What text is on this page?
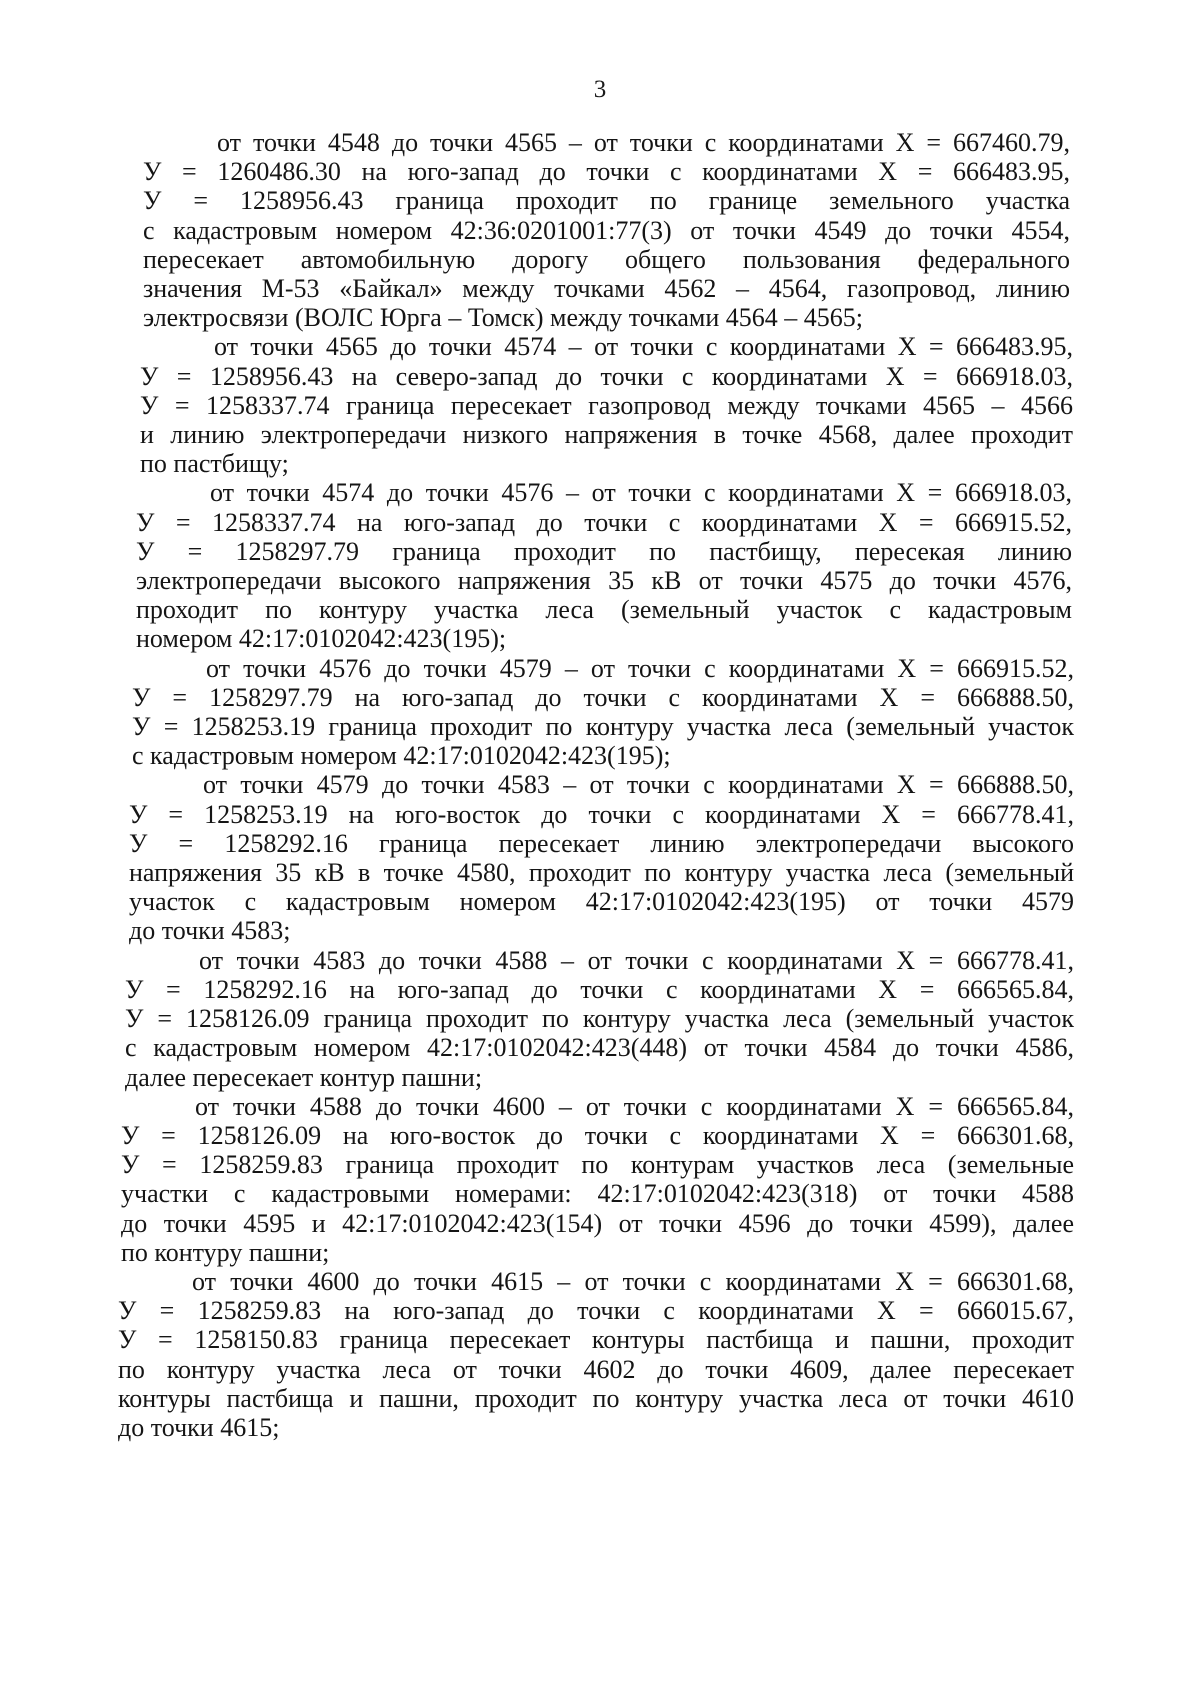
3
от точки 4548 до точки 4565 – от точки с координатами Х = 667460.79,
У = 1260486.30 на юго-запад до точки с координатами Х = 666483.95,
У = 1258956.43 граница проходит по границе земельного участка
с кадастровым номером 42:36:0201001:77(3) от точки 4549 до точки 4554,
пересекает автомобильную дорогу общего пользования федерального
значения М-53 «Байкал» между точками 4562 – 4564, газопровод, линию
электросвязи (ВОЛС Юрга – Томск) между точками 4564 – 4565;
от точки 4565 до точки 4574 – от точки с координатами Х = 666483.95,
У = 1258956.43 на северо-запад до точки с координатами Х = 666918.03,
У = 1258337.74 граница пересекает газопровод между точками 4565 – 4566
и линию электропередачи низкого напряжения в точке 4568, далее проходит
по пастбищу;
от точки 4574 до точки 4576 – от точки с координатами Х = 666918.03,
У = 1258337.74 на юго-запад до точки с координатами Х = 666915.52,
У = 1258297.79 граница проходит по пастбищу, пересекая линию
электропередачи высокого напряжения 35 кВ от точки 4575 до точки 4576,
проходит по контуру участка леса (земельный участок с кадастровым
номером 42:17:0102042:423(195);
от точки 4576 до точки 4579 – от точки с координатами Х = 666915.52,
У = 1258297.79 на юго-запад до точки с координатами Х = 666888.50,
У = 1258253.19 граница проходит по контуру участка леса (земельный участок
с кадастровым номером 42:17:0102042:423(195);
от точки 4579 до точки 4583 – от точки с координатами Х = 666888.50,
У = 1258253.19 на юго-восток до точки с координатами Х = 666778.41,
У = 1258292.16 граница пересекает линию электропередачи высокого
напряжения 35 кВ в точке 4580, проходит по контуру участка леса (земельный
участок с кадастровым номером 42:17:0102042:423(195) от точки 4579
до точки 4583;
от точки 4583 до точки 4588 – от точки с координатами Х = 666778.41,
У = 1258292.16 на юго-запад до точки с координатами Х = 666565.84,
У = 1258126.09 граница проходит по контуру участка леса (земельный участок
с кадастровым номером 42:17:0102042:423(448) от точки 4584 до точки 4586,
далее пересекает контур пашни;
от точки 4588 до точки 4600 – от точки с координатами Х = 666565.84,
У = 1258126.09 на юго-восток до точки с координатами Х = 666301.68,
У = 1258259.83 граница проходит по контурам участков леса (земельные
участки с кадастровыми номерами: 42:17:0102042:423(318) от точки 4588
до точки 4595 и 42:17:0102042:423(154) от точки 4596 до точки 4599), далее
по контуру пашни;
от точки 4600 до точки 4615 – от точки с координатами Х = 666301.68,
У = 1258259.83 на юго-запад до точки с координатами Х = 666015.67,
У = 1258150.83 граница пересекает контуры пастбища и пашни, проходит
по контуру участка леса от точки 4602 до точки 4609, далее пересекает
контуры пастбища и пашни, проходит по контуру участка леса от точки 4610
до точки 4615;
